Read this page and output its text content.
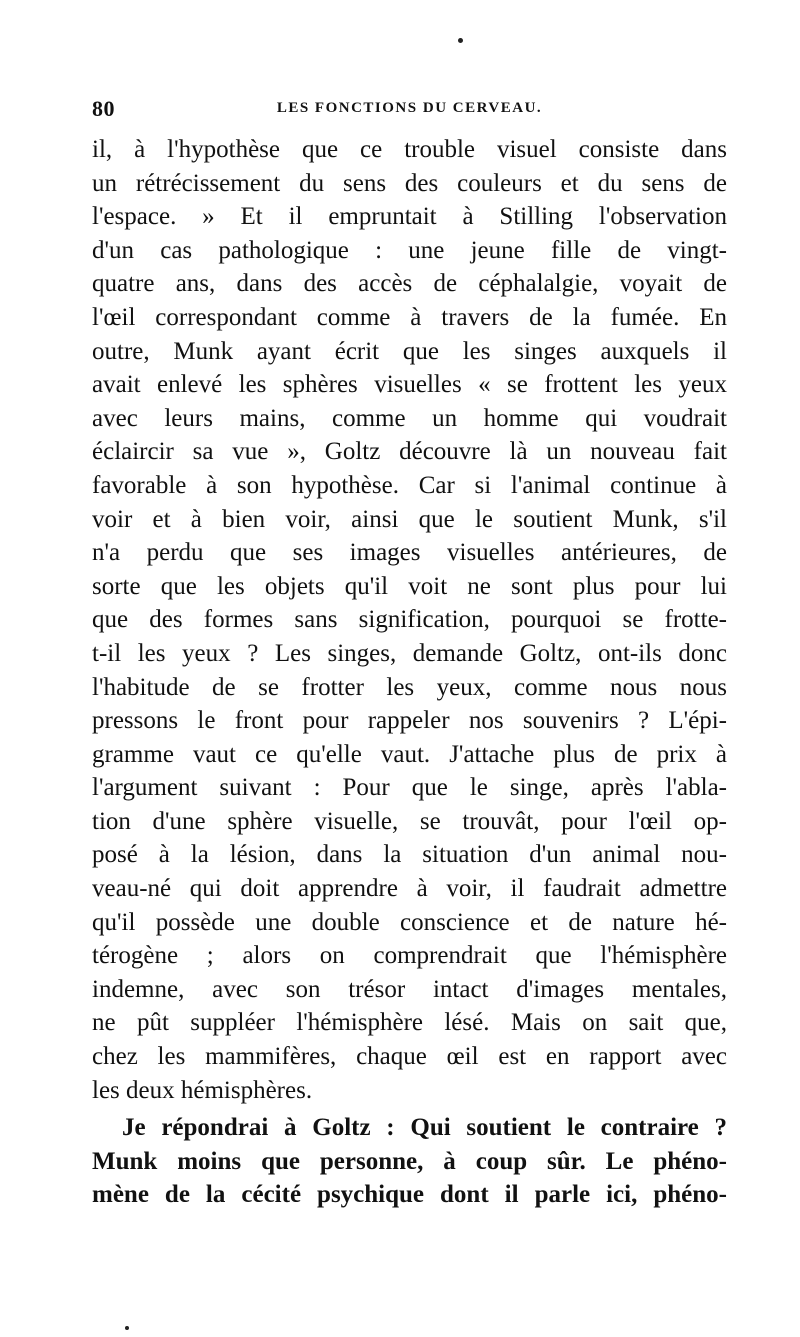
80	LES FONCTIONS DU CERVEAU.
il, à l'hypothèse que ce trouble visuel consiste dans
un rétrécissement du sens des couleurs et du sens de
l'espace. » Et il empruntait à Stilling l'observation
d'un cas pathologique : une jeune fille de vingt-
quatre ans, dans des accès de céphalalgie, voyait de
l'œil correspondant comme à travers de la fumée. En
outre, Munk ayant écrit que les singes auxquels il
avait enlevé les sphères visuelles « se frottent les yeux
avec leurs mains, comme un homme qui voudrait
éclaircir sa vue », Goltz découvre là un nouveau fait
favorable à son hypothèse. Car si l'animal continue à
voir et à bien voir, ainsi que le soutient Munk, s'il
n'a perdu que ses images visuelles antérieures, de
sorte que les objets qu'il voit ne sont plus pour lui
que des formes sans signification, pourquoi se frotte-
t-il les yeux ? Les singes, demande Goltz, ont-ils donc
l'habitude de se frotter les yeux, comme nous nous
pressons le front pour rappeler nos souvenirs ? L'épi-
gramme vaut ce qu'elle vaut. J'attache plus de prix à
l'argument suivant : Pour que le singe, après l'abla-
tion d'une sphère visuelle, se trouvât, pour l'œil op-
posé à la lésion, dans la situation d'un animal nou-
veau-né qui doit apprendre à voir, il faudrait admettre
qu'il possède une double conscience et de nature hé-
térogène ; alors on comprendrait que l'hémisphère
indemne, avec son trésor intact d'images mentales,
ne pût suppléer l'hémisphère lésé. Mais on sait que,
chez les mammifères, chaque œil est en rapport avec
les deux hémisphères.
Je répondrai à Goltz : Qui soutient le contraire ?
Munk moins que personne, à coup sûr. Le phéno-
mène de la cécité psychique dont il parle ici, phéno-
